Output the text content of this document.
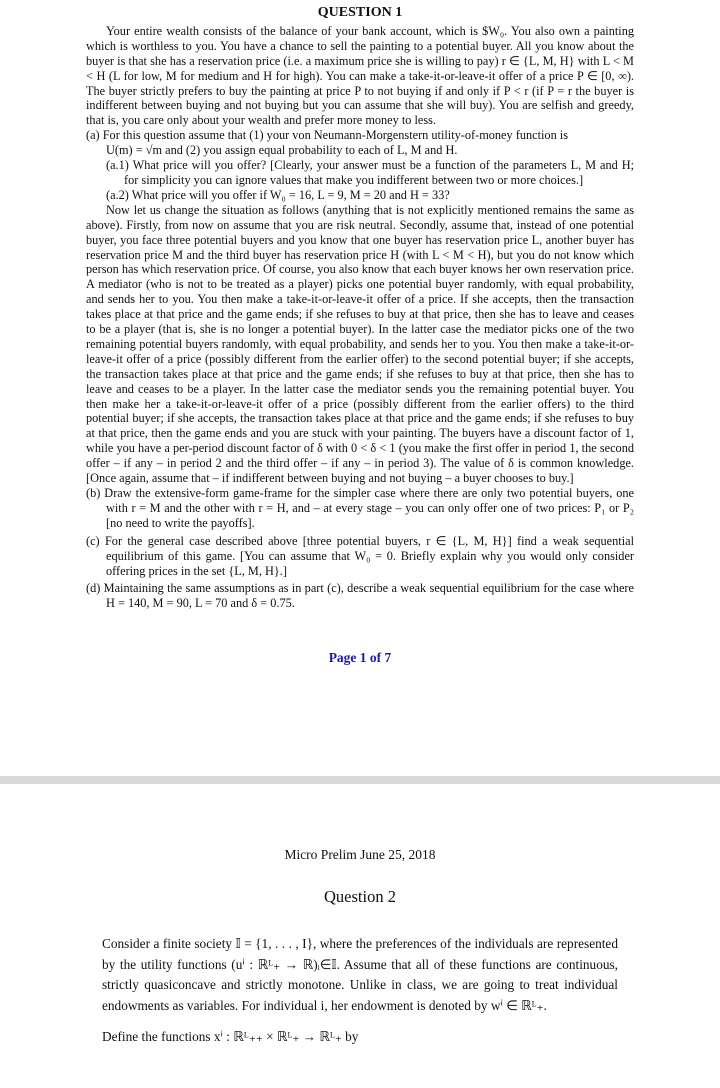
QUESTION 1

Your entire wealth consists of the balance of your bank account, which is $W₀. You also own a painting which is worthless to you. You have a chance to sell the painting to a potential buyer. All you know about the buyer is that she has a reservation price (i.e. a maximum price she is willing to pay) r ∈ {L, M, H} with L < M < H (L for low, M for medium and H for high). You can make a take-it-or-leave-it offer of a price P ∈ [0, ∞). The buyer strictly prefers to buy the painting at price P to not buying if and only if P < r (if P = r the buyer is indifferent between buying and not buying but you can assume that she will buy). You are selfish and greedy, that is, you care only about your wealth and prefer more money to less.

(a) For this question assume that (1) your von Neumann-Morgenstern utility-of-money function is

U(m) = √m and (2) you assign equal probability to each of L, M and H.

(a.1) What price will you offer? [Clearly, your answer must be a function of the parameters L, M and H; for simplicity you can ignore values that make you indifferent between two or more choices.]

(a.2) What price will you offer if W₀ = 16, L = 9, M = 20 and H = 33?

Now let us change the situation as follows (anything that is not explicitly mentioned remains the same as above). Firstly, from now on assume that you are risk neutral. Secondly, assume that, instead of one potential buyer, you face three potential buyers and you know that one buyer has reservation price L, another buyer has reservation price M and the third buyer has reservation price H (with L < M < H), but you do not know which person has which reservation price. Of course, you also know that each buyer knows her own reservation price. A mediator (who is not to be treated as a player) picks one potential buyer randomly, with equal probability, and sends her to you. You then make a take-it-or-leave-it offer of a price. If she accepts, then the transaction takes place at that price and the game ends; if she refuses to buy at that price, then she has to leave and ceases to be a player (that is, she is no longer a potential buyer). In the latter case the mediator picks one of the two remaining potential buyers randomly, with equal probability, and sends her to you. You then make a take-it-or-leave-it offer of a price (possibly different from the earlier offer) to the second potential buyer; if she accepts, the transaction takes place at that price and the game ends; if she refuses to buy at that price, then she has to leave and ceases to be a player. In the latter case the mediator sends you the remaining potential buyer. You then make her a take-it-or-leave-it offer of a price (possibly different from the earlier offers) to the third potential buyer; if she accepts, the transaction takes place at that price and the game ends; if she refuses to buy at that price, then the game ends and you are stuck with your painting. The buyers have a discount factor of 1, while you have a per-period discount factor of δ with 0 < δ < 1 (you make the first offer in period 1, the second offer – if any – in period 2 and the third offer – if any – in period 3). The value of δ is common knowledge. [Once again, assume that – if indifferent between buying and not buying – a buyer chooses to buy.]

(b) Draw the extensive-form game-frame for the simpler case where there are only two potential buyers, one with r = M and the other with r = H, and – at every stage – you can only offer one of two prices: P₁ or P₂ [no need to write the payoffs].

(c) For the general case described above [three potential buyers, r ∈ {L, M, H}] find a weak sequential equilibrium of this game. [You can assume that W₀ = 0. Briefly explain why you would only consider offering prices in the set {L, M, H}.]

(d) Maintaining the same assumptions as in part (c), describe a weak sequential equilibrium for the case where H = 140, M = 90, L = 70 and δ = 0.75.

Page 1 of 7
Micro Prelim June 25, 2018
Question 2

Consider a finite society 𝕀 = {1, . . . , I}, where the preferences of the individuals are represented by the utility functions (uⁱ : ℝᴸ₊ → ℝ)ᵢ∈𝕀. Assume that all of these functions are continuous, strictly quasiconcave and strictly monotone. Unlike in class, we are going to treat individual endowments as variables. For individual i, her endowment is denoted by wⁱ ∈ ℝᴸ₊.

Define the functions xⁱ : ℝᴸ₊₊ × ℝᴸ₊ → ℝᴸ₊ by
